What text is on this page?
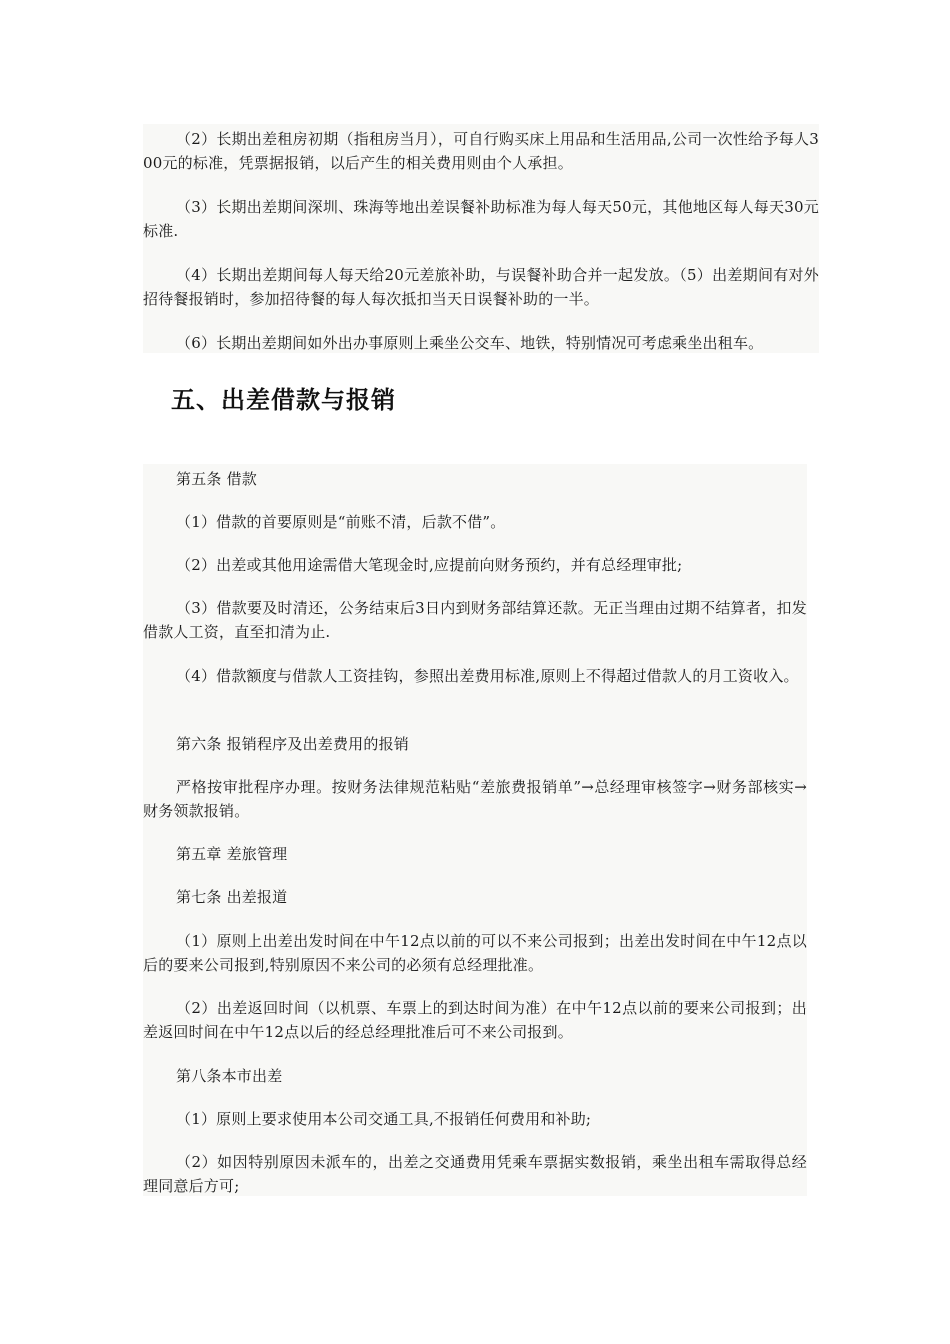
（2）长期出差租房初期（指租房当月），可自行购买床上用品和生活用品,公司一次性给予每人300元的标准，凭票据报销，以后产生的相关费用则由个人承担。

（3）长期出差期间深圳、珠海等地出差误餐补助标准为每人每天50元，其他地区每人每天30元标准.

（4）长期出差期间每人每天给20元差旅补助，与误餐补助合并一起发放。（5）出差期间有对外招待餐报销时，参加招待餐的每人每次抵扣当天日误餐补助的一半。

（6）长期出差期间如外出办事原则上乘坐公交车、地铁，特别情况可考虑乘坐出租车。

五、出差借款与报销

第五条 借款

（1）借款的首要原则是“前账不清，后款不借”。

（2）出差或其他用途需借大笔现金时,应提前向财务预约，并有总经理审批;

（3）借款要及时清还，公务结束后3日内到财务部结算还款。无正当理由过期不结算者，扣发借款人工资，直至扣清为止.

（4）借款额度与借款人工资挂钩，参照出差费用标准,原则上不得超过借款人的月工资收入。

第六条 报销程序及出差费用的报销

严格按审批程序办理。按财务法律规范粘贴“差旅费报销单”→总经理审核签字→财务部核实→财务领款报销。

第五章 差旅管理

第七条 出差报道

（1）原则上出差出发时间在中午12点以前的可以不来公司报到；出差出发时间在中午12点以后的要来公司报到,特别原因不来公司的必须有总经理批准。

（2）出差返回时间（以机票、车票上的到达时间为准）在中午12点以前的要来公司报到；出差返回时间在中午12点以后的经总经理批准后可不来公司报到。

第八条本市出差

（1）原则上要求使用本公司交通工具,不报销任何费用和补助;

（2）如因特别原因未派车的，出差之交通费用凭乘车票据实数报销，乘坐出租车需取得总经理同意后方可;
